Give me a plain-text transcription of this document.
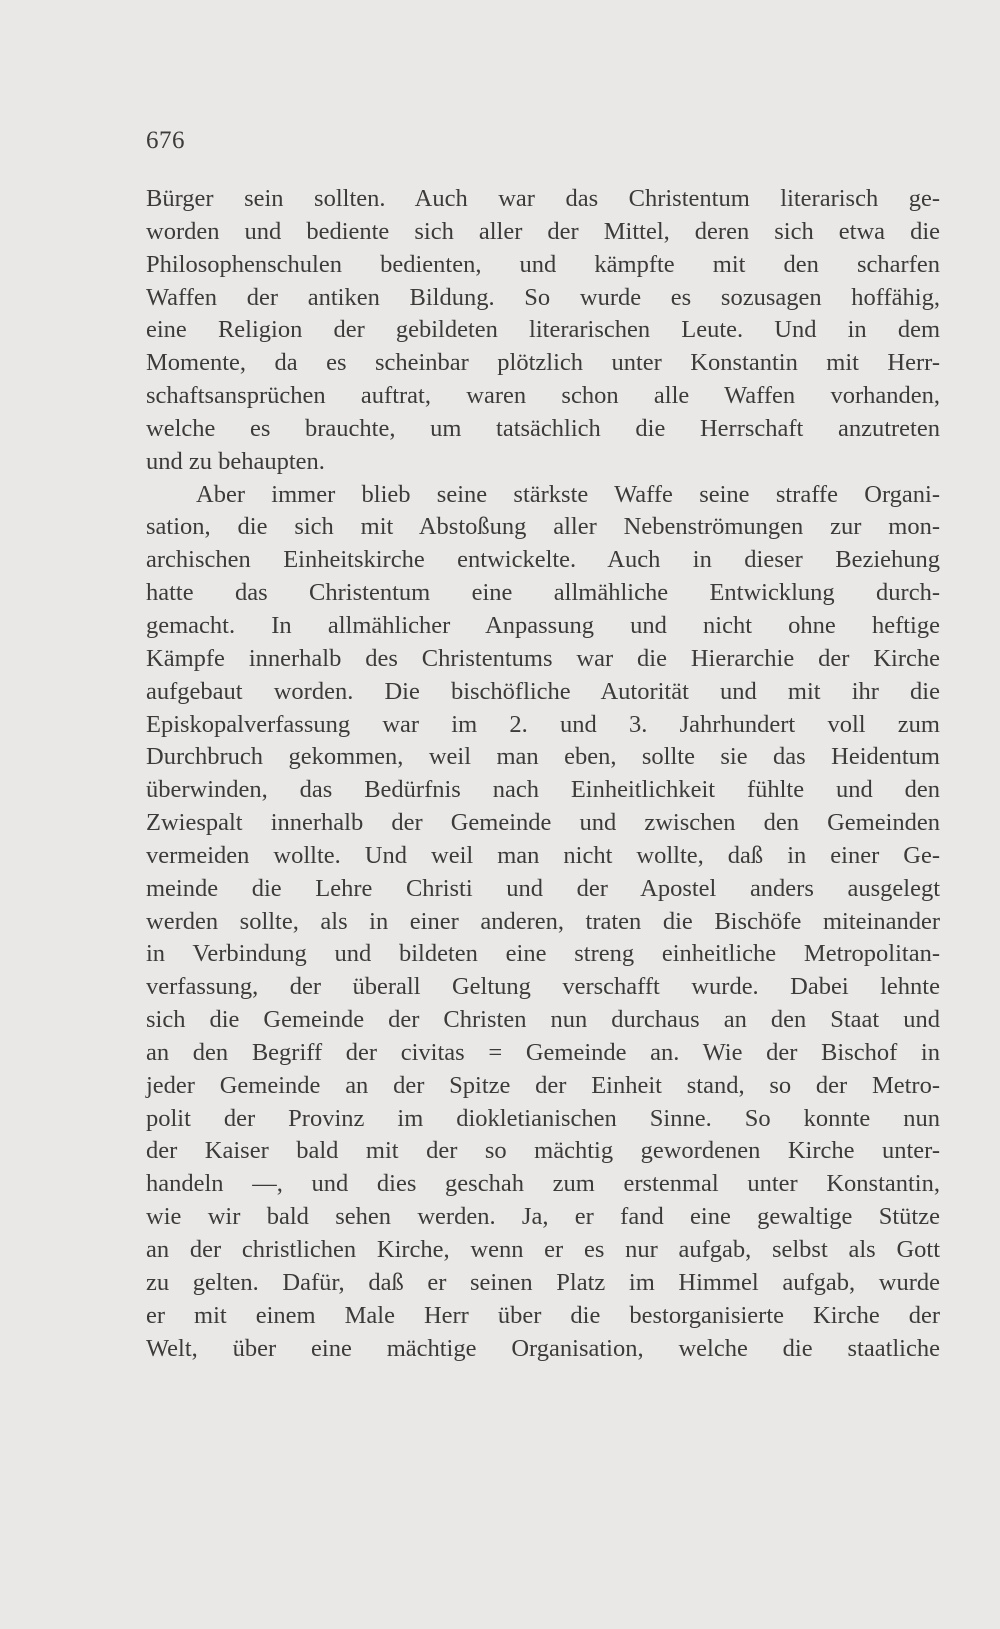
676
Bürger sein sollten. Auch war das Christentum literarisch ge-
worden und bediente sich aller der Mittel, deren sich etwa die
Philosophenschulen bedienten, und kämpfte mit den scharfen
Waffen der antiken Bildung. So wurde es sozusagen hoffähig,
eine Religion der gebildeten literarischen Leute. Und in dem
Momente, da es scheinbar plötzlich unter Konstantin mit Herr-
schaftsansprüchen auftrat, waren schon alle Waffen vorhanden,
welche es brauchte, um tatsächlich die Herrschaft anzutreten
und zu behaupten.
Aber immer blieb seine stärkste Waffe seine straffe Organi-
sation, die sich mit Abstoßung aller Nebenströmungen zur mon-
archischen Einheitskirche entwickelte. Auch in dieser Beziehung
hatte das Christentum eine allmähliche Entwicklung durch-
gemacht. In allmählicher Anpassung und nicht ohne heftige
Kämpfe innerhalb des Christentums war die Hierarchie der Kirche
aufgebaut worden. Die bischöfliche Autorität und mit ihr die
Episkopalverfassung war im 2. und 3. Jahrhundert voll zum
Durchbruch gekommen, weil man eben, sollte sie das Heidentum
überwinden, das Bedürfnis nach Einheitlichkeit fühlte und den
Zwiespalt innerhalb der Gemeinde und zwischen den Gemeinden
vermeiden wollte. Und weil man nicht wollte, daß in einer Ge-
meinde die Lehre Christi und der Apostel anders ausgelegt
werden sollte, als in einer anderen, traten die Bischöfe miteinander
in Verbindung und bildeten eine streng einheitliche Metropolitan-
verfassung, der überall Geltung verschafft wurde. Dabei lehnte
sich die Gemeinde der Christen nun durchaus an den Staat und
an den Begriff der civitas = Gemeinde an. Wie der Bischof in
jeder Gemeinde an der Spitze der Einheit stand, so der Metro-
polit der Provinz im diokletianischen Sinne. So konnte nun
der Kaiser bald mit der so mächtig gewordenen Kirche unter-
handeln —, und dies geschah zum erstenmal unter Konstantin,
wie wir bald sehen werden. Ja, er fand eine gewaltige Stütze
an der christlichen Kirche, wenn er es nur aufgab, selbst als Gott
zu gelten. Dafür, daß er seinen Platz im Himmel aufgab, wurde
er mit einem Male Herr über die bestorganisierte Kirche der
Welt, über eine mächtige Organisation, welche die staatliche
